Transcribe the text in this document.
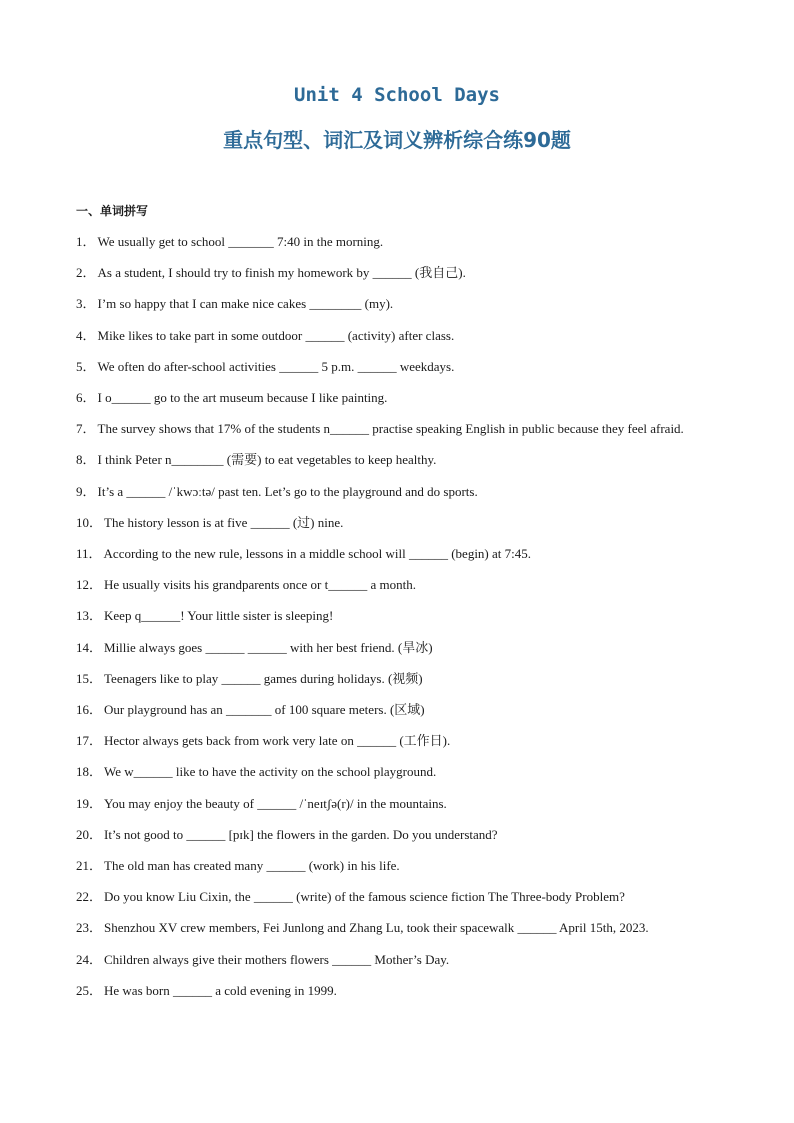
Unit 4 School Days
重点句型、词汇及词义辨析综合练90题
一、单词拼写
1． We usually get to school _______ 7:40 in the morning.
2． As a student, I should try to finish my homework by ______ (我自己).
3． I’m so happy that I can make nice cakes ________ (my).
4． Mike likes to take part in some outdoor ______ (activity) after class.
5． We often do after-school activities ______ 5 p.m. ______ weekdays.
6． I o______ go to the art museum because I like painting.
7． The survey shows that 17% of the students n______ practise speaking English in public because they feel afraid.
8． I think Peter n________ (需要) to eat vegetables to keep healthy.
9． It’s a ______ /ˈkwɔːtə/ past ten. Let’s go to the playground and do sports.
10． The history lesson is at five ______ (过) nine.
11． According to the new rule, lessons in a middle school will ______ (begin) at 7:45.
12． He usually visits his grandparents once or t______ a month.
13． Keep q______! Your little sister is sleeping!
14． Millie always goes ______ ______ with her best friend. (旱冰)
15． Teenagers like to play ______ games during holidays. (视频)
16． Our playground has an _______ of 100 square meters. (区域)
17． Hector always gets back from work very late on ______ (工作日).
18． We w______ like to have the activity on the school playground.
19． You may enjoy the beauty of ______ /ˈneɪtʃə(r)/ in the mountains.
20． It’s not good to ______ [pɪk] the flowers in the garden. Do you understand?
21． The old man has created many ______ (work) in his life.
22． Do you know Liu Cixin, the ______ (write) of the famous science fiction The Three-body Problem?
23． Shenzhou XV crew members, Fei Junlong and Zhang Lu, took their spacewalk ______ April 15th, 2023.
24． Children always give their mothers flowers ______ Mother’s Day.
25． He was born ______ a cold evening in 1999.
